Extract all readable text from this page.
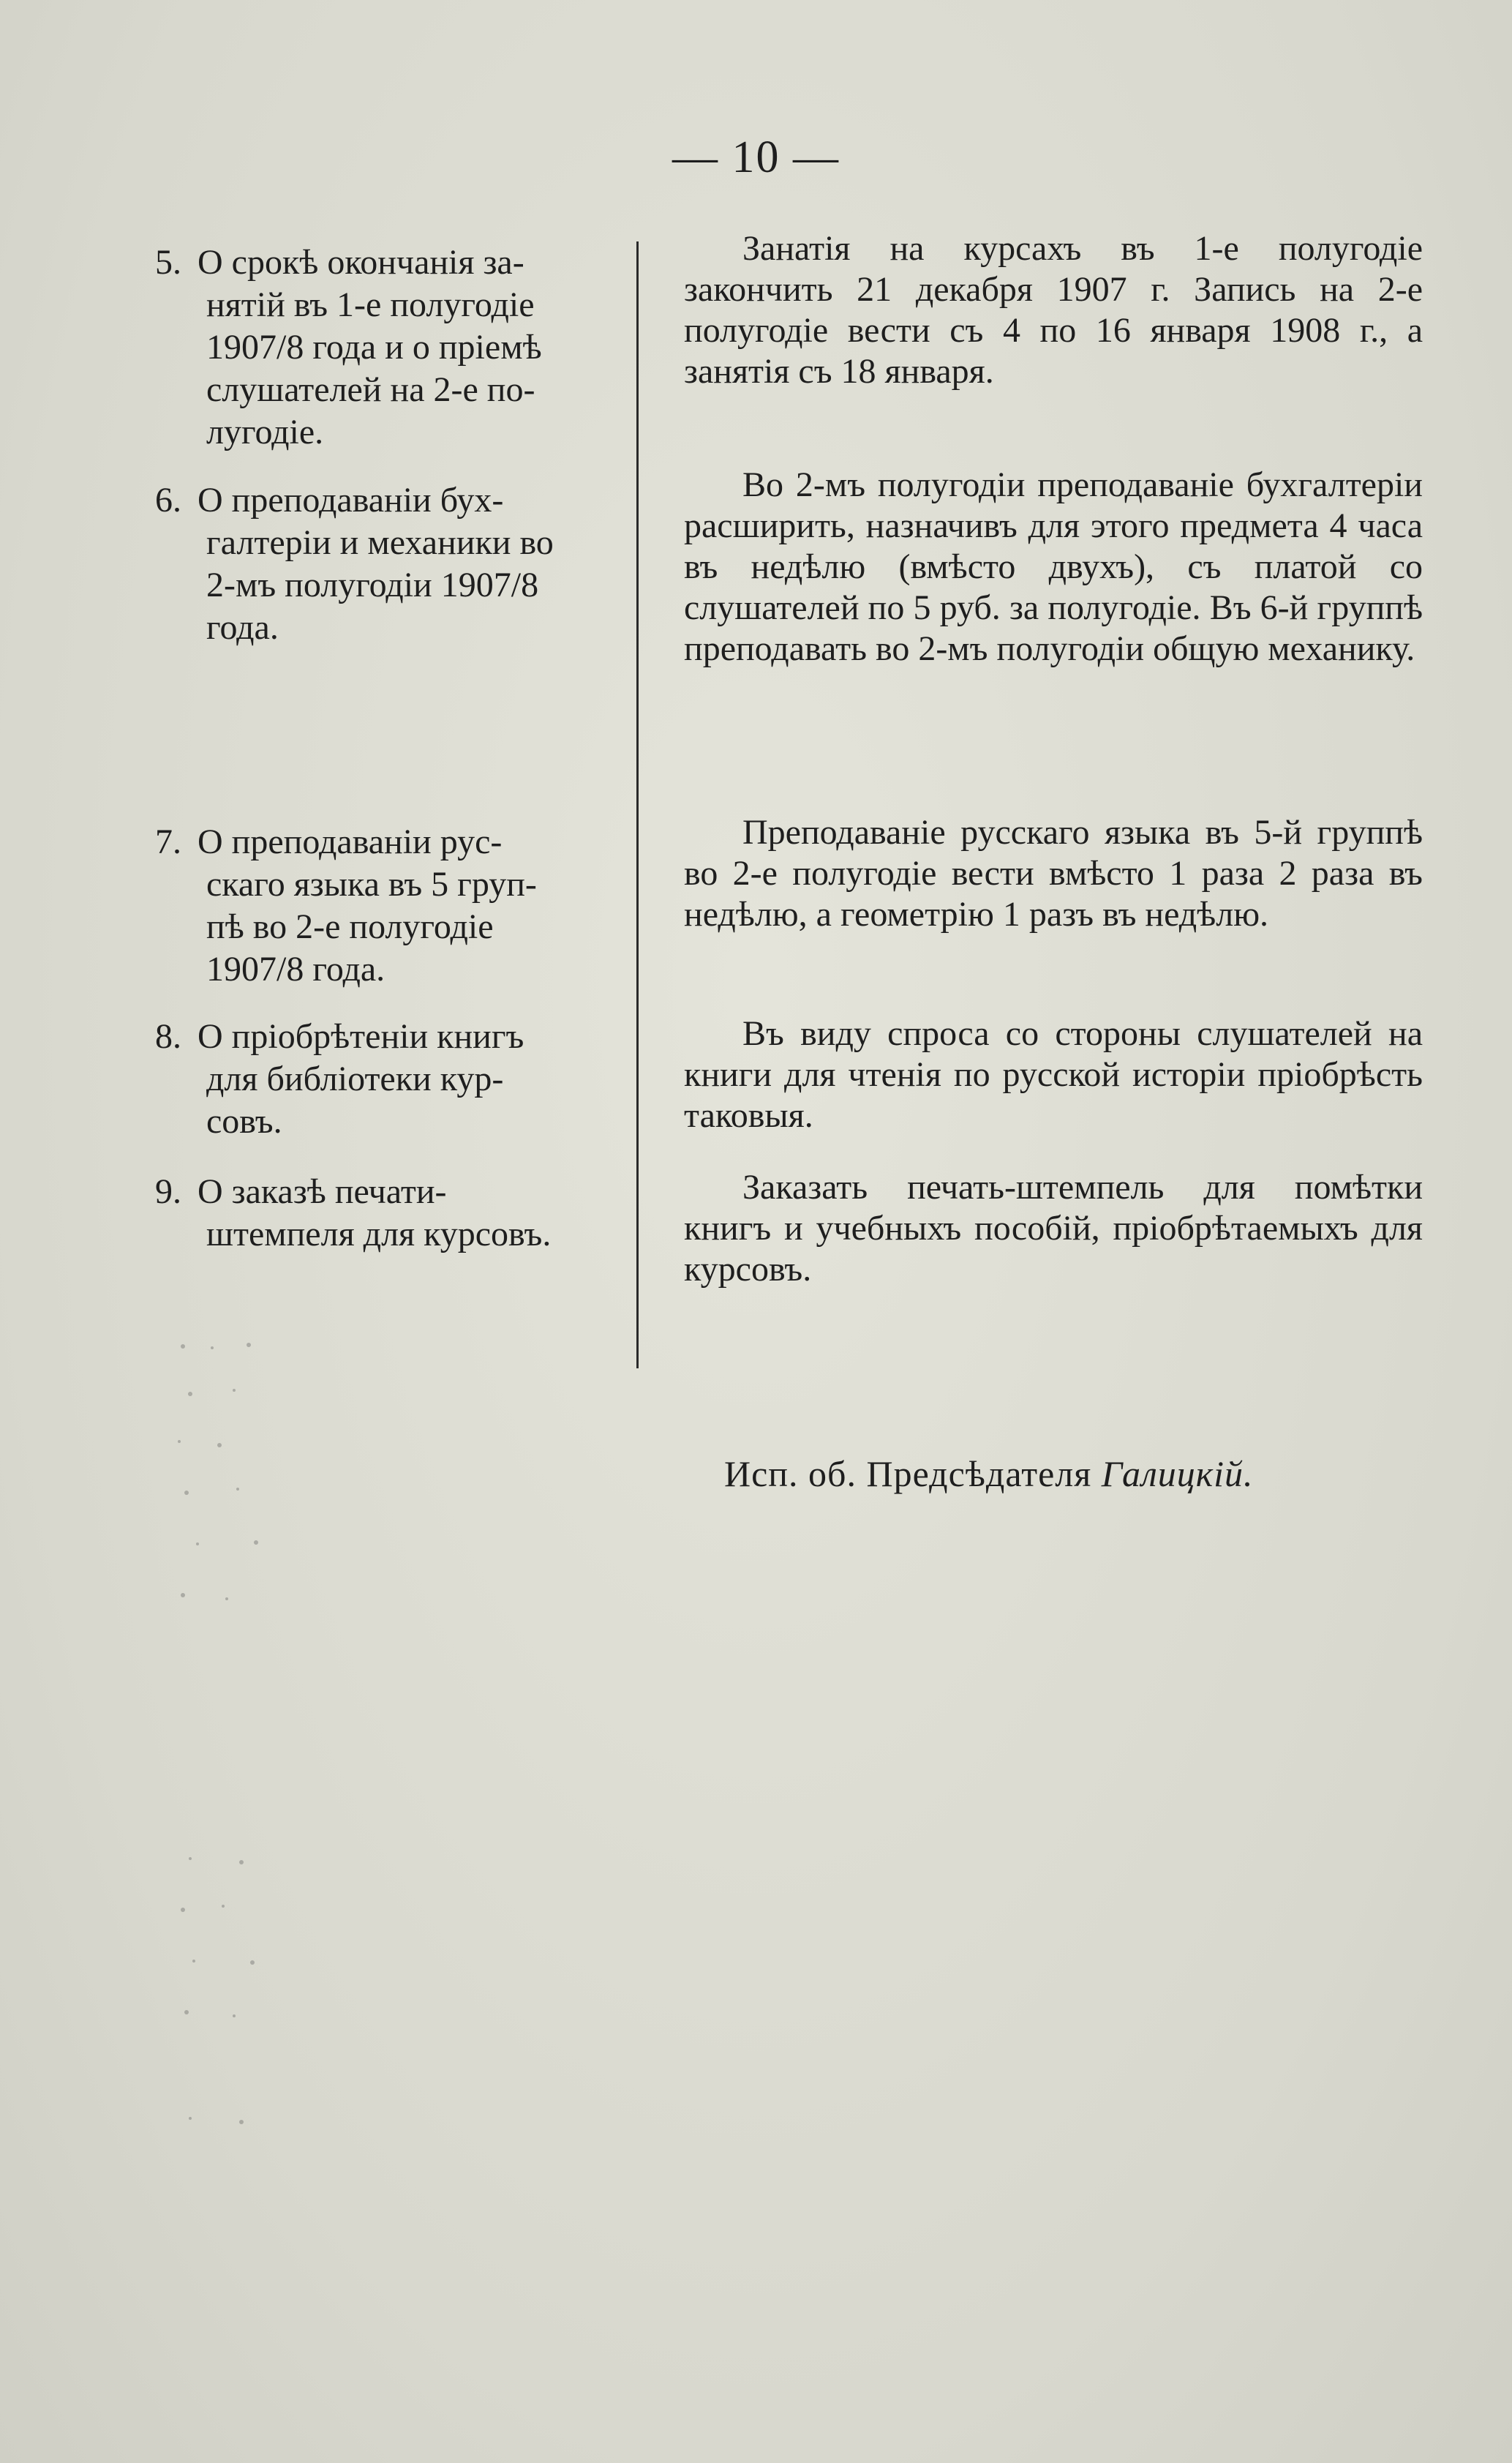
— 10 —
5. О срокѣ окончанія за-
нятій въ 1-е полугодіе
1907/8 года и о пріемѣ
слушателей на 2-е по-
лугодіе.

Занатія на курсахъ въ 1-е полугодіе закончить 21 декабря 1907 г. Запись на 2-е полугодіе вести съ 4 по 16 января 1908 г., а занятія съ 18 января.

6. О преподаваніи бух-
галтеріи и механики во
2-мъ полугодіи 1907/8
года.

Во 2-мъ полугодіи преподаваніе бухгалтеріи расширить, назначивъ для этого предмета 4 часа въ недѣлю (вмѣсто двухъ), съ платой со слушателей по 5 руб. за полугодіе. Въ 6-й группѣ преподавать во 2-мъ полугодіи общую механику.

7. О преподаваніи рус-
скаго языка въ 5 груп-
пѣ во 2-е полугодіе
1907/8 года.

Преподаваніе русскаго языка въ 5-й группѣ во 2-е полугодіе вести вмѣсто 1 раза 2 раза въ недѣлю, а геометрію 1 разъ въ недѣлю.

8. О пріобрѣтеніи книгъ
для библіотеки кур-
совъ.

Въ виду спроса со стороны слушателей на книги для чтенія по русской исторіи пріобрѣсть таковыя.

9. О заказѣ печати-
штемпеля для курсовъ.

Заказать печать-штемпель для помѣтки книгъ и учебныхъ пособій, пріобрѣтаемыхъ для курсовъ.

Исп. об. Предсѣдателя Галицкій.
